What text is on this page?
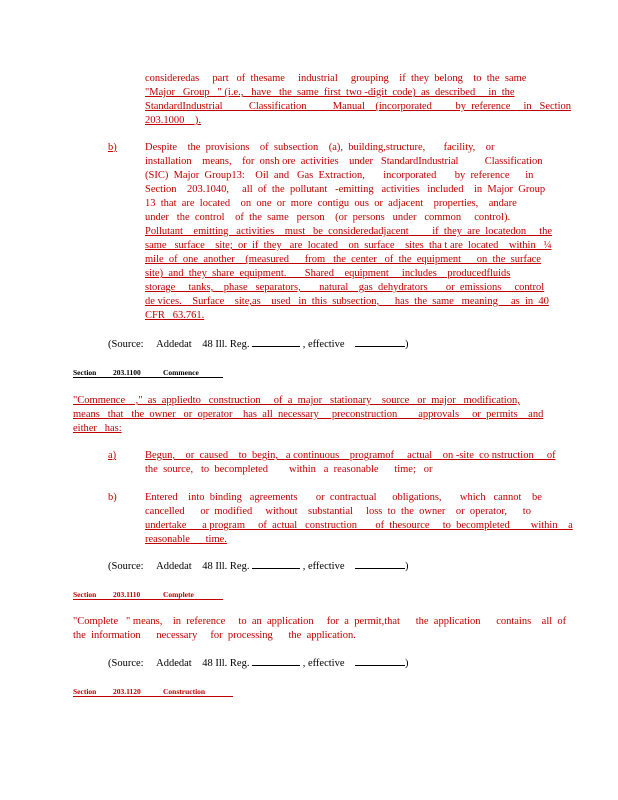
consideredas     part   of  thesame     industrial     grouping    if  they  belong    to  the  same
"Major   Group   " (i.e.,   have   the  same  first  two -digit  code)  as  described     in  the
StandardIndustrial          Classification          Manual    (incorporated         by  reference     in   Section
203.1000    ).
b)	Despite    the  provisions    of  subsection    (a),  building,structure,       facility,    or
installation    means,    for  onsh ore  activities    under   StandardIndustrial          Classification
(SIC)  Major  Group13:    Oil  and   Gas  Extraction,       incorporated       by  reference      in
Section    203.1040,     all  of  the  pollutant   -emitting   activities   included    in  Major  Group
13  that  are  located    on  one  or  more  contigu  ous  or  adjacent    properties,    andare
under   the  control    of  the  same   person    (or  persons   under   common     control).
Pollutant    emitting   activities    must   be  consideredadjacent         if  they  are  locatedon     the
same   surface    site;  or  if  they   are  located    on  surface    sites  tha t are  located    within   ¼
mile  of  one  another    (measured      from   the  center   of  the  equipment      on  the  surface
site)  and  they  share  equipment.       Shared    equipment     includes    producedfluids
storage     tanks,    phase   separators,       natural    gas  dehydrators       or  emissions     control
de vices.    Surface    site,as    used   in  this  subsection,      has  the  same   meaning     as  in  40
CFR   63.761.
(Source: Addedat 48 Ill. Reg.	, effective	)
Section 203.1100	Commence
"Commence    ,"  as  appliedto   construction     of  a  major   stationary    source   or  major   modification,
means   that   the  owner   or  operator    has  all  necessary     preconstruction        approvals     or  permits    and
either   has:
a)	Begun,    or  caused    to  begin,   a continuous    programof     actual    on -site  co nstruction     of
the  source,   to  becompleted        within   a  reasonable      time;   or
b)	Entered    into  binding   agreements       or  contractual      obligations,       which   cannot    be
cancelled      or  modified     without    substantial     loss  to  the  owner    or  operator,      to
undertake      a program     of  actual   construction       of  thesource     to  becompleted        within    a
reasonable      time.
(Source: Addedat 48 Ill. Reg.	, effective	)
Section 203.1110	Complete
"Complete   " means,    in  reference     to  an  application     for  a  permit,that      the  application      contains    all  of
the  information      necessary     for  processing      the  application.
(Source: Addedat 48 Ill. Reg.	, effective	)
Section 203.1120	Construction
